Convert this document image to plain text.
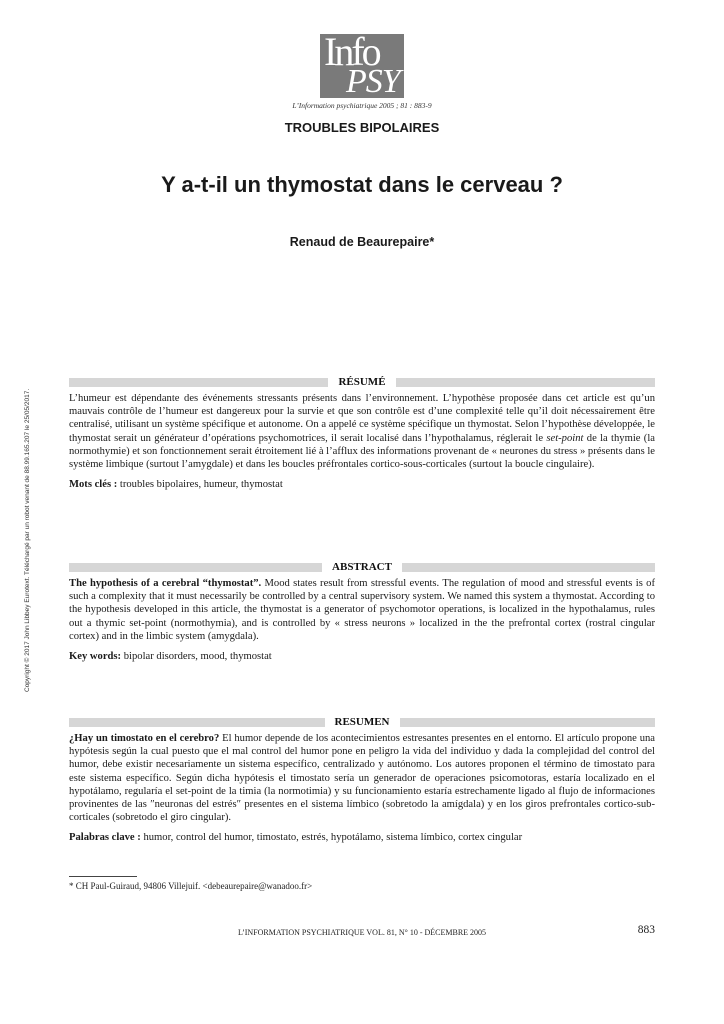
Info
PSY
L’Information psychiatrique 2005 ; 81 : 883-9
TROUBLES BIPOLAIRES
Y a-t-il un thymostat dans le cerveau ?
Renaud de Beaurepaire*
Copyright © 2017 John Libbey Eurotext. Téléchargé par un robot venant de 88.99.165.207 le 25/05/2017.
RÉSUMÉ

L’humeur est dépendante des événements stressants présents dans l’environnement. L’hypothèse proposée dans cet article est qu’un mauvais contrôle de l’humeur est dangereux pour la survie et que son contrôle est d’une complexité telle qu’il doit nécessairement être centralisé, utilisant un système spécifique et autonome. On a appelé ce système spécifique un thymostat. Selon l’hypothèse développée, le thymostat serait un générateur d’opérations psychomotrices, il serait localisé dans l’hypothalamus, réglerait le set-point de la thymie (la normothymie) et son fonctionnement serait étroitement lié à l’afflux des informations provenant de « neurones du stress » présents dans le système limbique (surtout l’amygdale) et dans les boucles préfrontales cortico-sous-corticales (surtout la boucle cingulaire).

Mots clés : troubles bipolaires, humeur, thymostat

ABSTRACT

The hypothesis of a cerebral “thymostat”. Mood states result from stressful events. The regulation of mood and stressful events is of such a complexity that it must necessarily be controlled by a central supervisory system. We named this system a thymostat. According to the hypothesis developed in this article, the thymostat is a generator of psychomotor operations, is localized in the hypothalamus, rules out a thymic set-point (normothymia), and is controlled by « stress neurons » localized in the the prefrontal cortex (rostral cingular cortex) and in the limbic system (amygdala).

Key words: bipolar disorders, mood, thymostat

RESUMEN

¿Hay un timostato en el cerebro? El humor depende de los acontecimientos estresantes presentes en el entorno. El artículo propone una hypótesis según la cual puesto que el mal control del humor pone en peligro la vida del individuo y dada la complejidad del control del humor, debe existir necesariamente un sistema específico, centralizado y autónomo. Los autores proponen el término de timostato para este sistema específico. Según dicha hypótesis el timostato sería un generador de operaciones psicomotoras, estaría localizado en el hypotálamo, regularía el set-point de la timia (la normotimia) y su funcionamiento estaría estrechamente ligado al flujo de informaciones provinentes de las ″neuronas del estrés″ presentes en el sistema límbico (sobretodo la amígdala) y en los giros prefrontales cortico-sub-corticales (sobretodo el giro cingular).

Palabras clave : humor, control del humor, timostato, estrés, hypotálamo, sistema límbico, cortex cingular

* CH Paul-Guiraud, 94806 Villejuif. <debeaurepaire@wanadoo.fr>
L’INFORMATION PSYCHIATRIQUE VOL. 81, N° 10 - DÉCEMBRE 2005	883
